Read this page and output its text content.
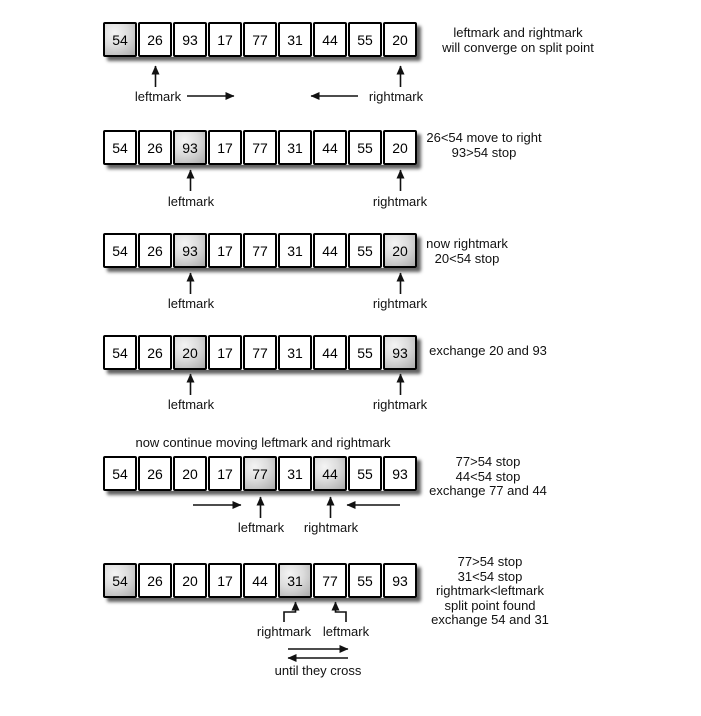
54	26	93	17	77	31	44	55	20
54	26	93	17	77	31	44	55	20
54	26	93	17	77	31	44	55	20
54	26	20	17	77	31	44	55	93
54	26	20	17	77	31	44	55	93
54	26	20	17	44	31	77	55	93
leftmark and rightmark
will converge on split point
26<54 move to right
93>54 stop
now rightmark
20<54 stop
exchange 20 and 93
77>54 stop
44<54 stop
exchange 77 and 44
77>54 stop
31<54 stop
rightmark<leftmark
split point found
exchange 54 and 31
leftmark	rightmark
leftmark	rightmark
leftmark	rightmark
leftmark	rightmark
leftmark rightmark
rightmark leftmark
now continue moving leftmark and rightmark
until they cross
